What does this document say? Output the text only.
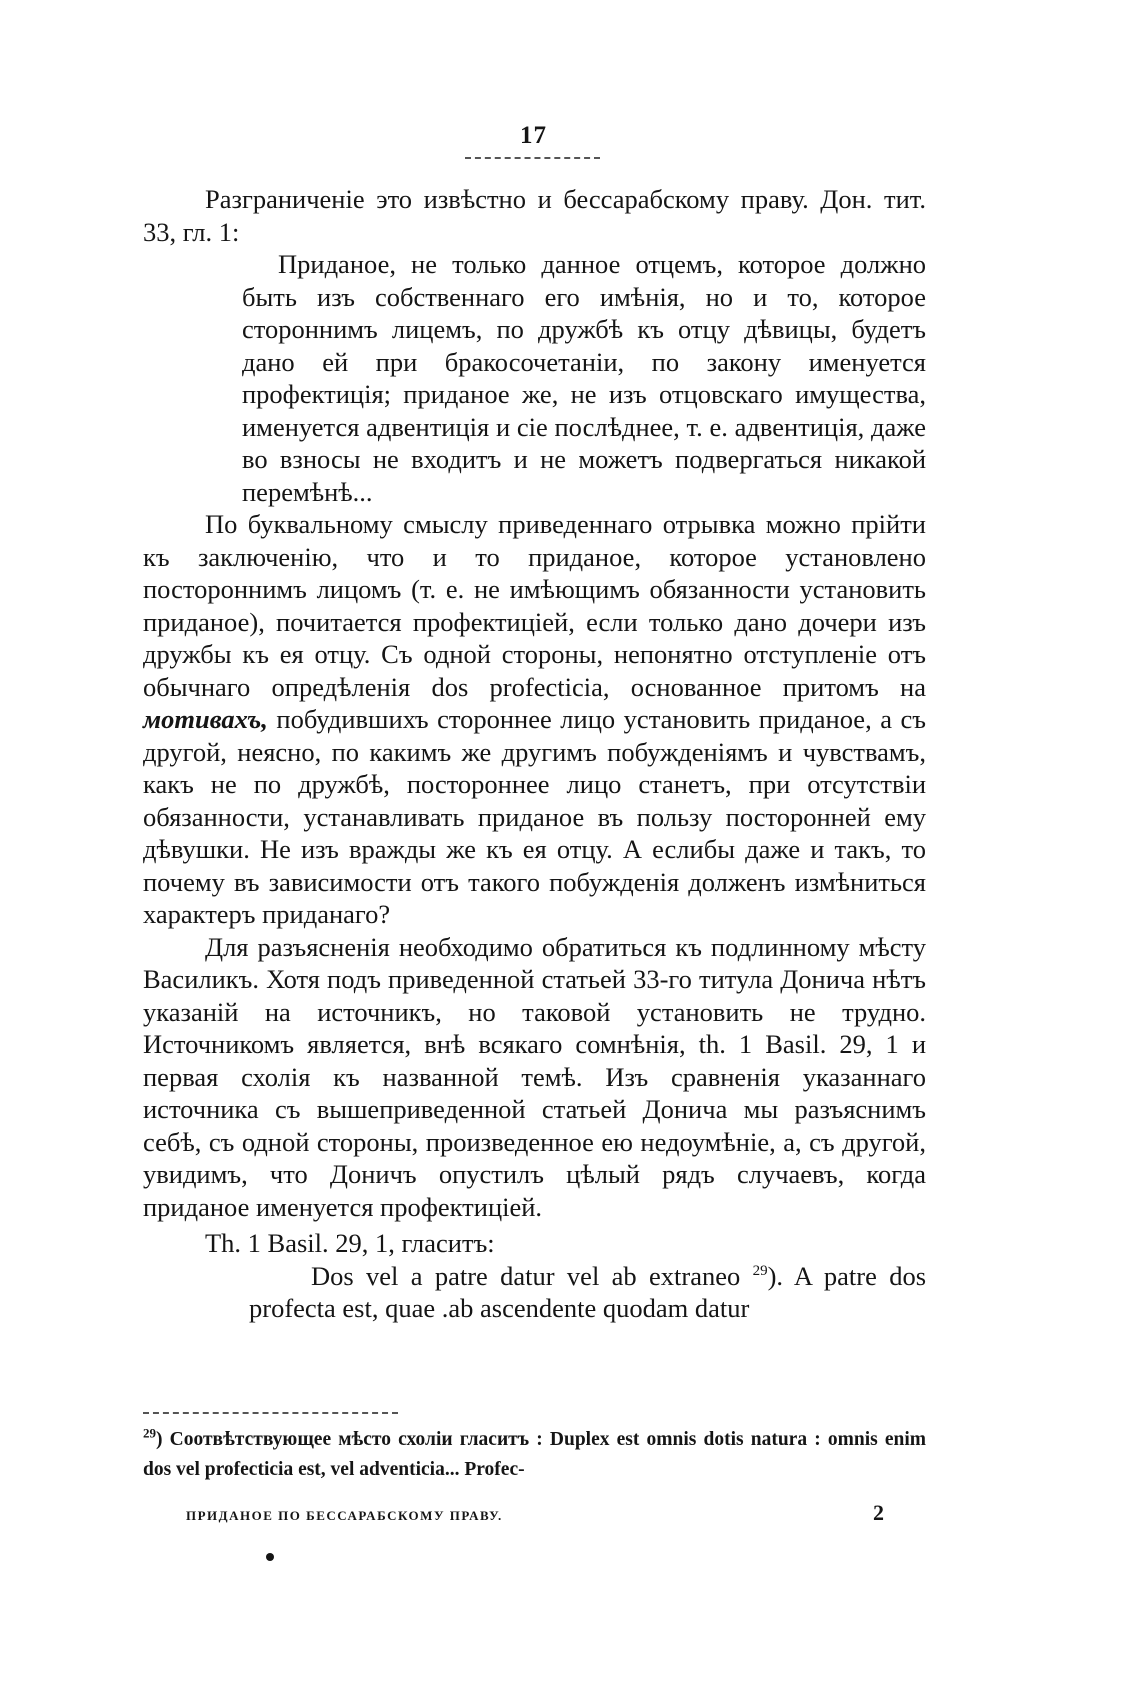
17

Разграниченіе это извѣстно и бессарабскому праву. Дон. тит. 33, гл. 1:

Приданое, не только данное отцемъ, которое должно быть изъ собственнаго его имѣнія, но и то, которое стороннимъ лицемъ, по дружбѣ къ отцу дѣвицы, будетъ дано ей при бракосочетаніи, по закону именуется профектиція; приданое же, не изъ отцовскаго имущества, именуется адвентиція и сіе послѣднее, т. е. адвентиція, даже во взносы не входитъ и не можетъ подвергаться никакой перемѣнѣ...

По буквальному смыслу приведеннаго отрывка можно прійти къ заключенію, что и то приданое, которое установлено постороннимъ лицомъ (т. е. не имѣющимъ обязанности установить приданое), почитается профектиціей, если только дано дочери изъ дружбы къ ея отцу. Съ одной стороны, непонятно отступленіе отъ обычнаго опредѣленія dos profecticia, основанное притомъ на мотивахъ, побудившихъ стороннее лицо установить приданое, а съ другой, неясно, по какимъ же другимъ побужденіямъ и чувствамъ, какъ не по дружбѣ, постороннее лицо станетъ, при отсутствіи обязанности, устанавливать приданое въ пользу посторонней ему дѣвушки. Не изъ вражды же къ ея отцу. А еслибы даже и такъ, то почему въ зависимости отъ такого побужденія долженъ измѣниться характеръ приданаго?

Для разъясненія необходимо обратиться къ подлинному мѣсту Василикъ. Хотя подъ приведенной статьей 33-го титула Донича нѣтъ указаній на источникъ, но таковой установить не трудно. Источникомъ является, внѣ всякаго сомнѣнія, th. 1 Basil. 29, 1 и первая схолія къ названной темѣ. Изъ сравненія указаннаго источника съ вышеприведенной статьей Донича мы разъяснимъ себѣ, съ одной стороны, произведенное ею недоумѣніе, а, съ другой, увидимъ, что Доничъ опустилъ цѣлый рядъ случаевъ, когда приданое именуется профектиціей.

Th. 1 Basil. 29, 1, гласитъ:

Dos vel a patre datur vel ab extraneo $^{29}$). A patre dos profecta est, quae .ab ascendente quodam datur

$^{29}$) Соотвѣтствующее мѣсто схоліи гласитъ : Duplex est omnis dotis natura : omnis enim dos vel profecticia est, vel adventicia... Profec-
ПРИДАНОЕ ПО БЕССАРАБСКОМУ ПРАВУ.	2
